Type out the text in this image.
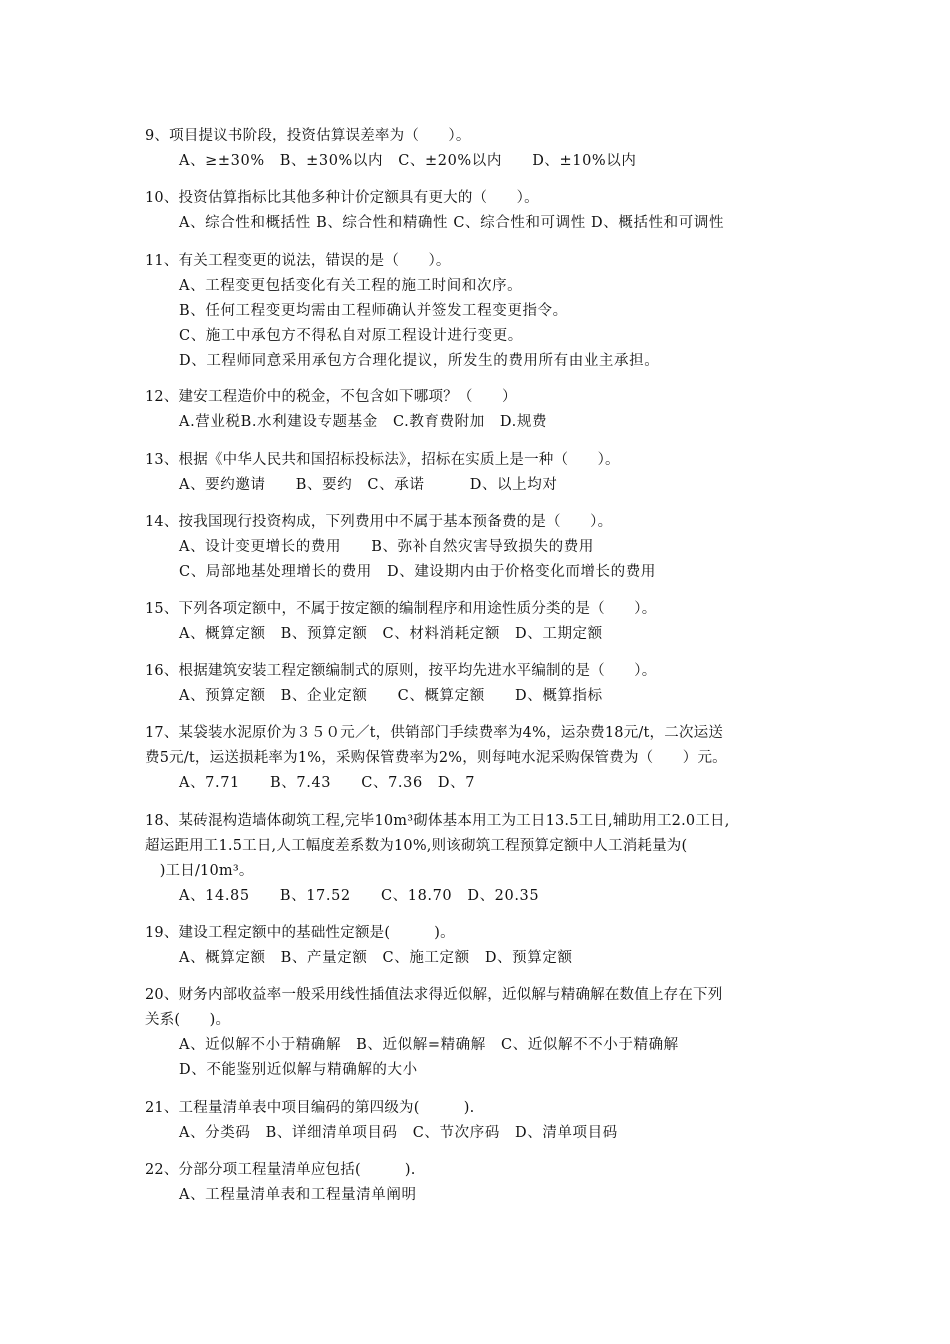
9、项目提议书阶段，投资估算误差率为（　　）。
A、≥±30%　B、±30%以内　C、±20%以内　　D、±10%以内
10、投资估算指标比其他多种计价定额具有更大的（　　）。
A、综合性和概括性 B、综合性和精确性 C、综合性和可调性 D、概括性和可调性
11、有关工程变更的说法，错误的是（　　）。
A、工程变更包括变化有关工程的施工时间和次序。
B、任何工程变更均需由工程师确认并签发工程变更指令。
C、施工中承包方不得私自对原工程设计进行变更。
D、工程师同意采用承包方合理化提议，所发生的费用所有由业主承担。
12、建安工程造价中的税金，不包含如下哪项？（　　）
A.营业税B.水利建设专题基金　C.教育费附加　D.规费
13、根据《中华人民共和国招标投标法》，招标在实质上是一种（　　）。
A、要约邀请　　B、要约　C、承诺　　　D、以上均对
14、按我国现行投资构成，下列费用中不属于基本预备费的是（　　）。
A、设计变更增长的费用　　B、弥补自然灾害导致损失的费用
C、局部地基处理增长的费用　D、建设期内由于价格变化而增长的费用
15、下列各项定额中，不属于按定额的编制程序和用途性质分类的是（　　）。
A、概算定额　B、预算定额　C、材料消耗定额　D、工期定额
16、根据建筑安装工程定额编制式的原则，按平均先进水平编制的是（　　）。
A、预算定额　B、企业定额　　C、概算定额　　D、概算指标
17、某袋装水泥原价为３５０元／t，供销部门手续费率为4%，运杂费18元/t，二次运送
费5元/t，运送损耗率为1%，采购保管费率为2%，则每吨水泥采购保管费为（　　）元。
A、7.71　　B、7.43　　C、7.36　D、7
18、某砖混构造墙体砌筑工程,完毕10m³砌体基本用工为工日13.5工日,辅助用工2.0工日,
超运距用工1.5工日,人工幅度差系数为10%,则该砌筑工程预算定额中人工消耗量为(
　)工日/10m³。
A、14.85　　B、17.52　　C、18.70　D、20.35
19、建设工程定额中的基础性定额是(　　　)。
A、概算定额　B、产量定额　C、施工定额　D、预算定额
20、财务内部收益率一般采用线性插值法求得近似解，近似解与精确解在数值上存在下列
关系(　　)。
A、近似解不小于精确解　B、近似解=精确解　C、近似解不不小于精确解
D、不能鉴别近似解与精确解的大小
21、工程量清单表中项目编码的第四级为(　　　).
A、分类码　B、详细清单项目码　C、节次序码　D、清单项目码
22、分部分项工程量清单应包括(　　　).
A、工程量清单表和工程量清单阐明
